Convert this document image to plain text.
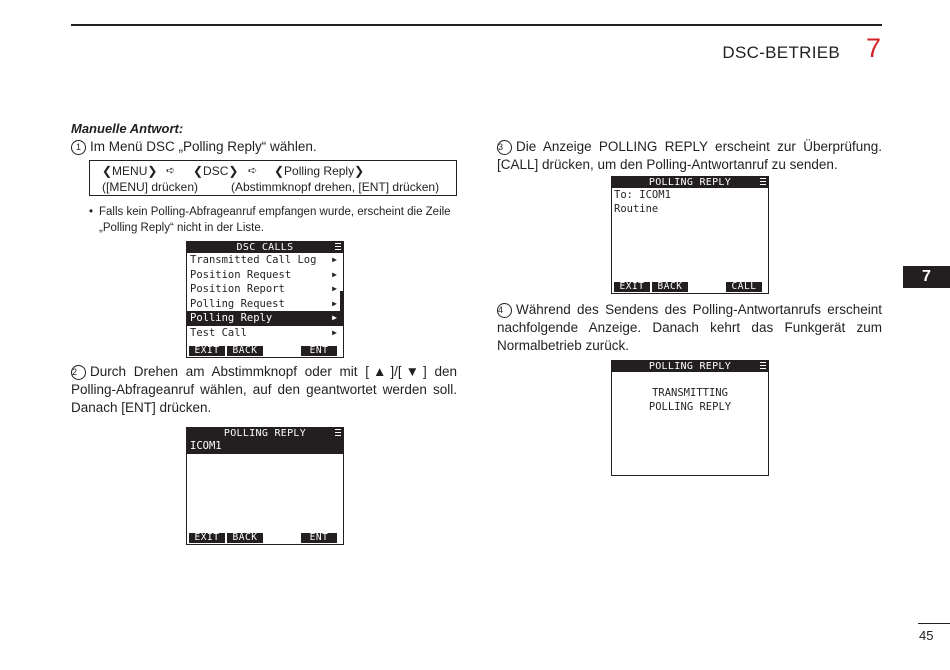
DSC-BETRIEB 7
7
Manuelle Antwort:
1 Im Menü DSC „Polling Reply“ wählen.
❮MENU❯ ➪ ❮DSC❯ ➪ ❮Polling Reply❯
([MENU] drücken)	(Abstimmknopf drehen, [ENT] drücken)
• Falls kein Polling-Abfrageanruf empfangen wurde, erscheint die Zeile „Polling Reply“ nicht in der Liste.
DSC CALLS
Transmitted Call Log ▶
Position Request	▶
Position Report	▶
Polling Request	▶
Polling Reply	▶
Test Call	▶
EXIT	BACK	ENT
2 Durch Drehen am Abstimmknopf oder mit [▲]/[▼] den Polling-Abfrageanruf wählen, auf den geantwortet werden soll. Danach [ENT] drücken.
POLLING REPLY
ICOM1
EXIT	BACK	ENT
3 Die Anzeige POLLING REPLY erscheint zur Überprüfung. [CALL] drücken, um den Polling-Antwortanruf zu senden.
POLLING REPLY
To: ICOM1
Routine
EXIT	BACK	CALL
4 Während des Sendens des Polling-Antwortanrufs erscheint nachfolgende Anzeige. Danach kehrt das Funkgerät zum Normalbetrieb zurück.
POLLING REPLY
TRANSMITTING
POLLING REPLY
45
